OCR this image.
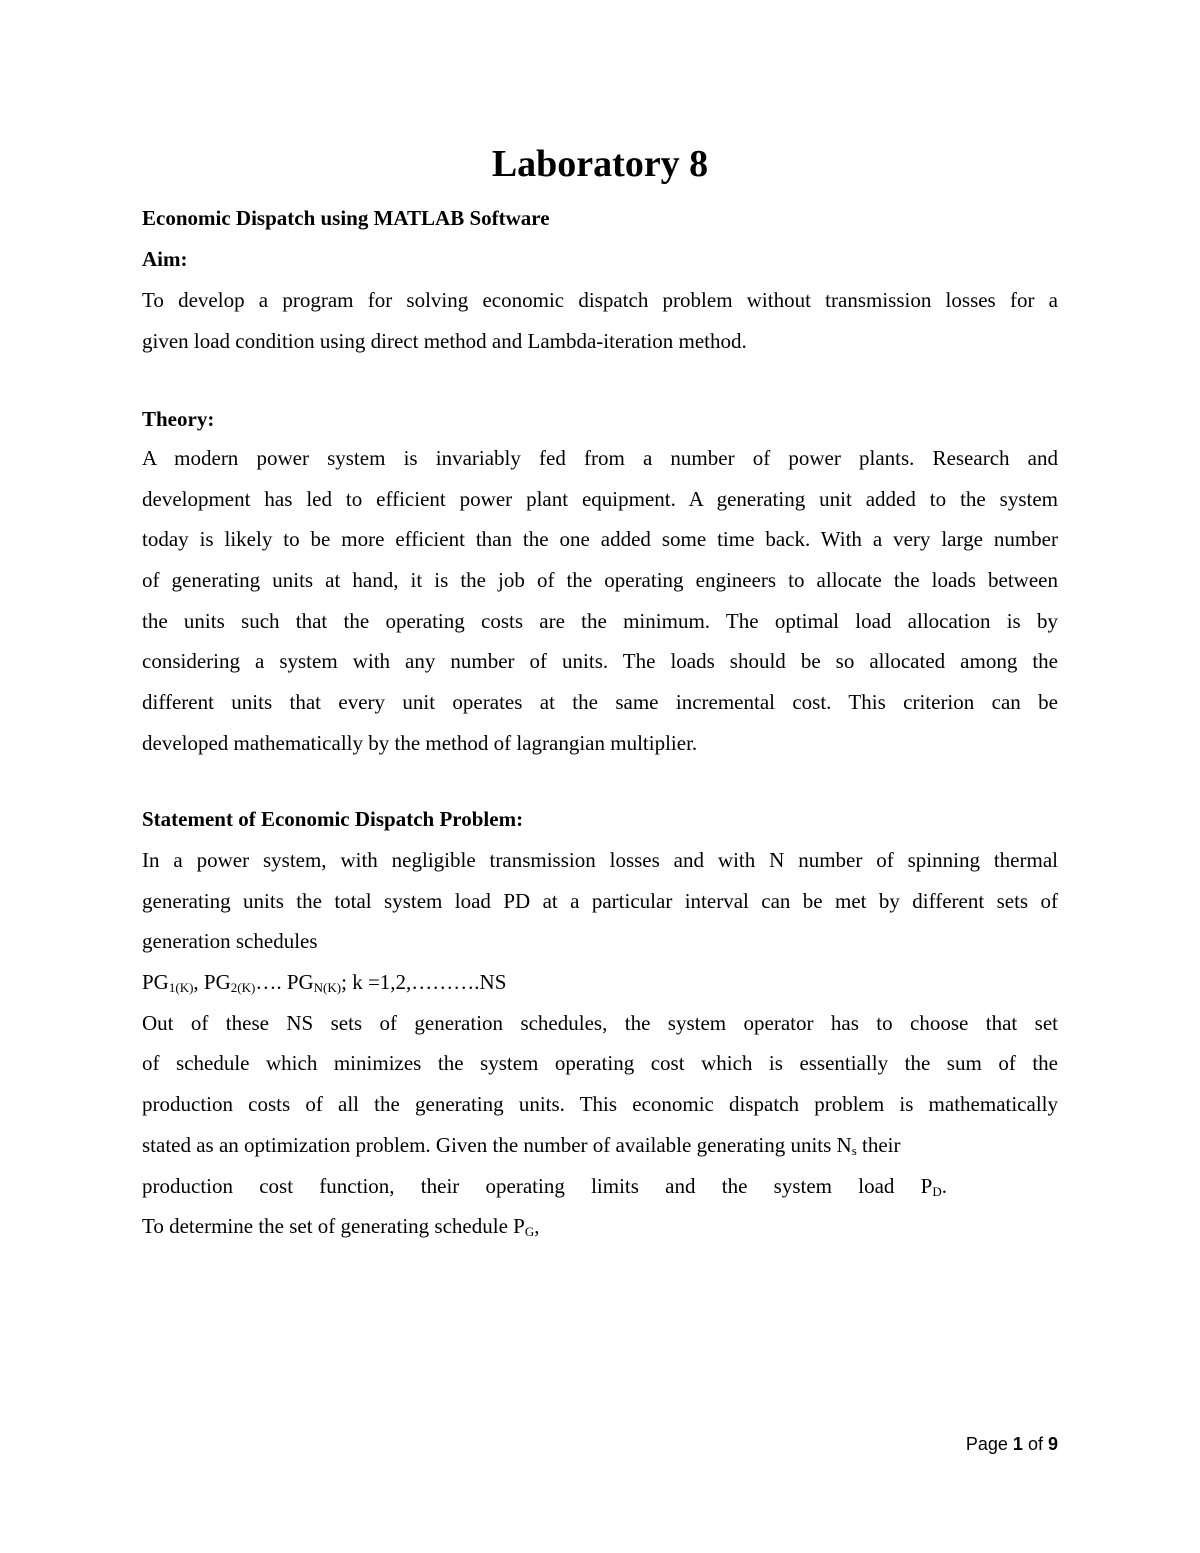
Laboratory 8
Economic Dispatch using MATLAB Software
Aim:
To develop a program for solving economic dispatch problem without transmission losses for a
given load condition using direct method and Lambda-iteration method.
Theory:
A modern power system is invariably fed from a number of power plants. Research and
development has led to efficient power plant equipment. A generating unit added to the system
today is likely to be more efficient than the one added some time back. With a very large number
of generating units at hand, it is the job of the operating engineers to allocate the loads between
the units such that the operating costs are the minimum. The optimal load allocation is by
considering a system with any number of units. The loads should be so allocated among the
different units that every unit operates at the same incremental cost. This criterion can be
developed mathematically by the method of lagrangian multiplier.
Statement of Economic Dispatch Problem:
In a power system, with negligible transmission losses and with N number of spinning thermal
generating units the total system load PD at a particular interval can be met by different sets of
generation schedules
$PG_{1(K)}$, $PG_{2(K)}\dots$. $PG_{N(K)}$; k =1,2,……….NS
Out of these NS sets of generation schedules, the system operator has to choose that set
of schedule which minimizes the system operating cost which is essentially the sum of the
production costs of all the generating units. This economic dispatch problem is mathematically
stated as an optimization problem. Given the number of available generating units $N_s$ their
production cost function, their operating limits and the system load $P_D$.
To determine the set of generating schedule $P_G$,
Page 1 of 9
